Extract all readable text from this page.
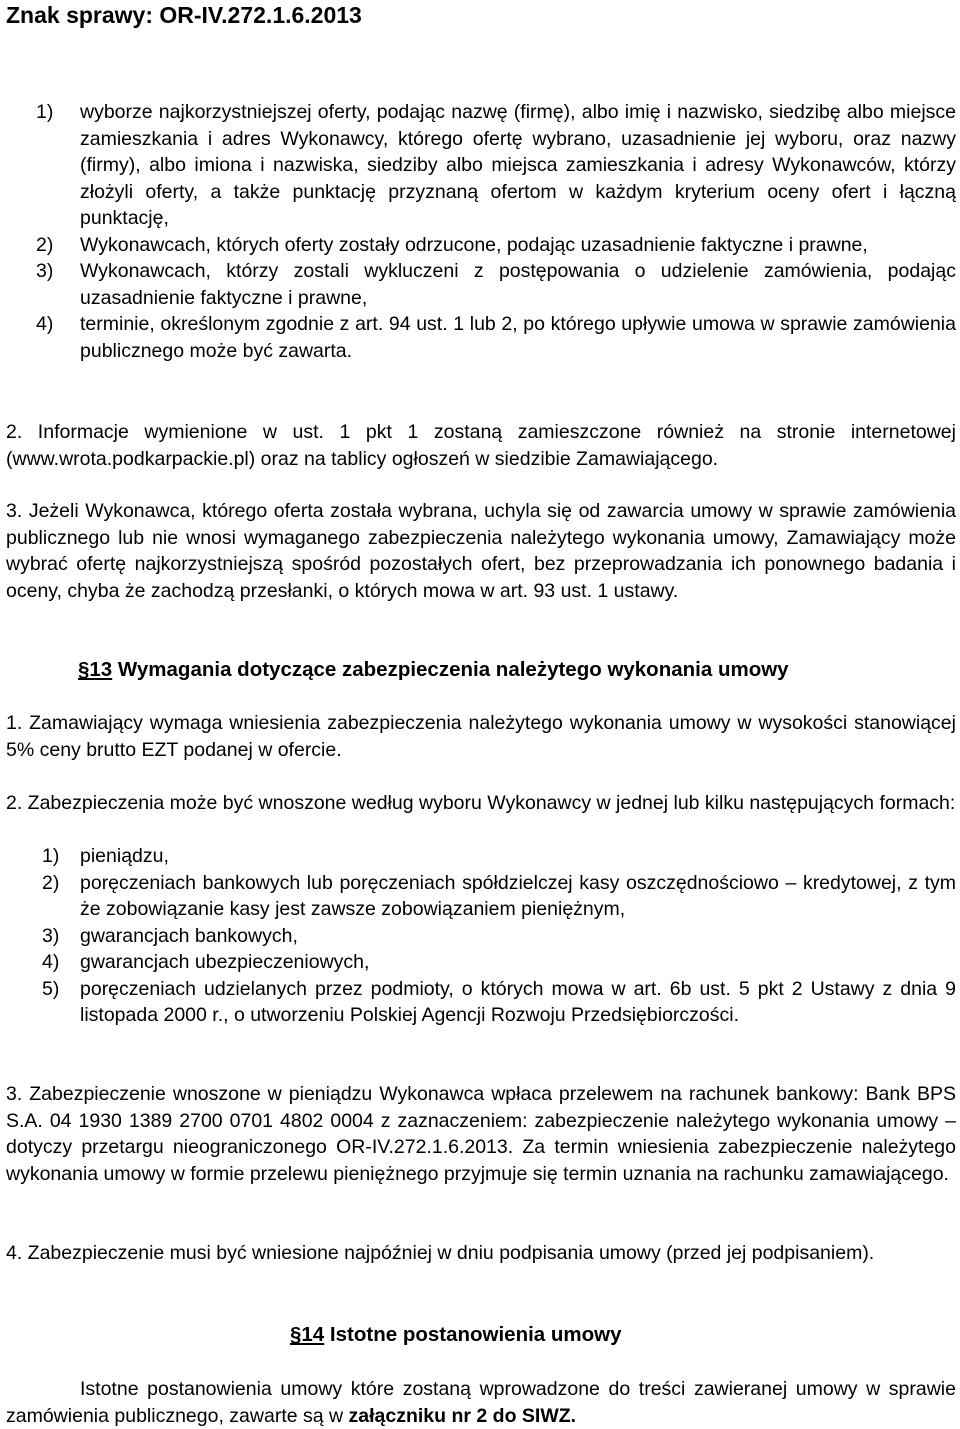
Znak sprawy: OR-IV.272.1.6.2013
1) wyborze najkorzystniejszej oferty, podając nazwę (firmę), albo imię i nazwisko, siedzibę albo miejsce zamieszkania i adres Wykonawcy, którego ofertę wybrano, uzasadnienie jej wyboru, oraz nazwy (firmy), albo imiona i nazwiska, siedziby albo miejsca zamieszkania i adresy Wykonawców, którzy złożyli oferty, a także punktację przyznaną ofertom w każdym kryterium oceny ofert i łączną punktację,

2) Wykonawcach, których oferty zostały odrzucone, podając uzasadnienie faktyczne i prawne,

3) Wykonawcach, którzy zostali wykluczeni z postępowania o udzielenie zamówienia, podając uzasadnienie faktyczne i prawne,

4) terminie, określonym zgodnie z art. 94 ust. 1 lub 2, po którego upływie umowa w sprawie zamówienia publicznego może być zawarta.

2. Informacje wymienione w ust. 1 pkt 1 zostaną zamieszczone również na stronie internetowej (www.wrota.podkarpackie.pl) oraz na tablicy ogłoszeń w siedzibie Zamawiającego.

3. Jeżeli Wykonawca, którego oferta została wybrana, uchyla się od zawarcia umowy w sprawie zamówienia publicznego lub nie wnosi wymaganego zabezpieczenia należytego wykonania umowy, Zamawiający może wybrać ofertę najkorzystniejszą spośród pozostałych ofert, bez przeprowadzania ich ponownego badania i oceny, chyba że zachodzą przesłanki, o których mowa w art. 93 ust. 1 ustawy.

§13 Wymagania dotyczące zabezpieczenia należytego wykonania umowy

1. Zamawiający wymaga wniesienia zabezpieczenia należytego wykonania umowy w wysokości stanowiącej 5% ceny brutto EZT podanej w ofercie.

2. Zabezpieczenia może być wnoszone według wyboru Wykonawcy w jednej lub kilku następujących formach:

1) pieniądzu,

2) poręczeniach bankowych lub poręczeniach spółdzielczej kasy oszczędnościowo – kredytowej, z tym że zobowiązanie kasy jest zawsze zobowiązaniem pieniężnym,

3) gwarancjach bankowych,

4) gwarancjach ubezpieczeniowych,

5) poręczeniach udzielanych przez podmioty, o których mowa w art. 6b ust. 5 pkt 2 Ustawy z dnia 9 listopada 2000 r., o utworzeniu Polskiej Agencji Rozwoju Przedsiębiorczości.

3. Zabezpieczenie wnoszone w pieniądzu Wykonawca wpłaca przelewem na rachunek bankowy: Bank BPS S.A. 04 1930 1389 2700 0701 4802 0004 z zaznaczeniem: zabezpieczenie należytego wykonania umowy – dotyczy przetargu nieograniczonego OR-IV.272.1.6.2013. Za termin wniesienia zabezpieczenie należytego wykonania umowy w formie przelewu pieniężnego przyjmuje się termin uznania na rachunku zamawiającego.

4. Zabezpieczenie musi być wniesione najpóźniej w dniu podpisania umowy (przed jej podpisaniem).

§14 Istotne postanowienia umowy

Istotne postanowienia umowy które zostaną wprowadzone do treści zawieranej umowy w sprawie zamówienia publicznego, zawarte są w załączniku nr 2 do SIWZ.
